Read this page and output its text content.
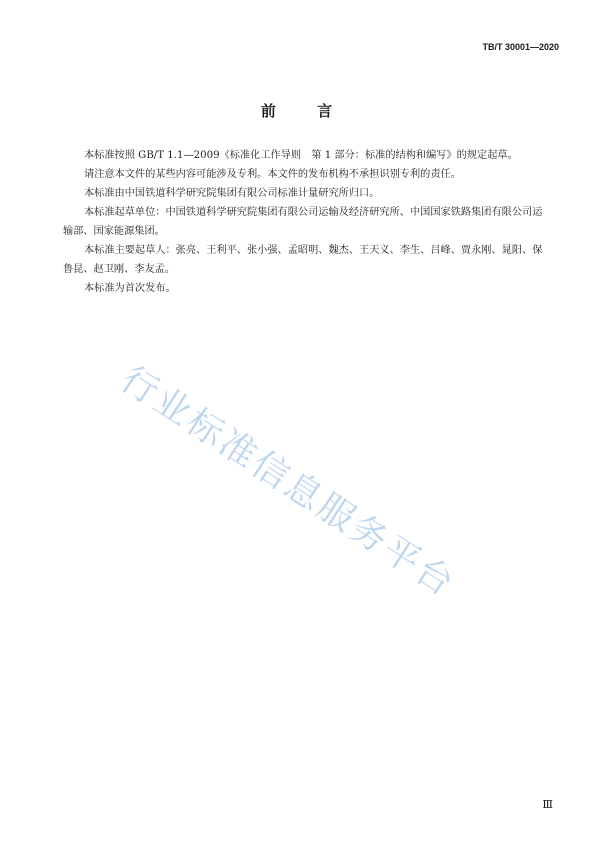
TB/T 30001—2020
前 言

本标准按照 GB/T 1.1—2009《标准化工作导则　第 1 部分：标准的结构和编写》的规定起草。

请注意本文件的某些内容可能涉及专利。本文件的发布机构不承担识别专利的责任。

本标准由中国铁道科学研究院集团有限公司标准计量研究所归口。

本标准起草单位：中国铁道科学研究院集团有限公司运输及经济研究所、中国国家铁路集团有限公司运输部、国家能源集团。

本标准主要起草人：张亮、王利平、张小强、孟昭明、魏杰、王天义、李生、吕峰、贾永刚、晁阳、保鲁昆、赵卫刚、李友孟。

本标准为首次发布。

行业标准信息服务平台
Ⅲ
